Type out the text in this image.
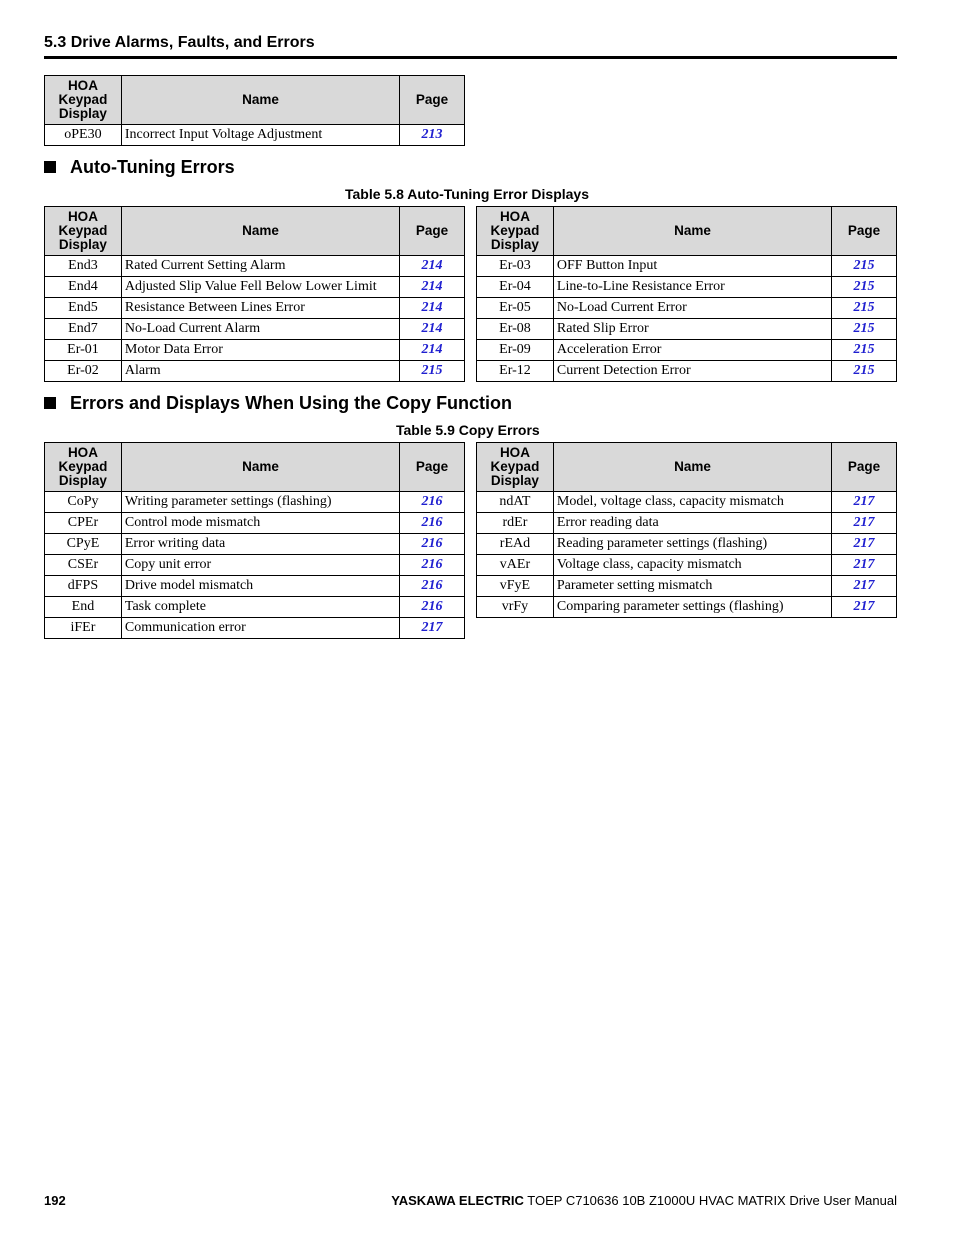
5.3 Drive Alarms, Faults, and Errors
HOA
Keypad
Display	Name	Page
oPE30	Incorrect Input Voltage Adjustment	213
Auto-Tuning Errors
Table 5.8 Auto-Tuning Error Displays
HOA
Keypad
Display	Name	Page
End3	Rated Current Setting Alarm	214
End4	Adjusted Slip Value Fell Below Lower Limit	214
End5	Resistance Between Lines Error	214
End7	No-Load Current Alarm	214
Er-01	Motor Data Error	214
Er-02	Alarm	215
HOA
Keypad
Display	Name	Page
Er-03	OFF Button Input	215
Er-04	Line-to-Line Resistance Error	215
Er-05	No-Load Current Error	215
Er-08	Rated Slip Error	215
Er-09	Acceleration Error	215
Er-12	Current Detection Error	215
Errors and Displays When Using the Copy Function
Table 5.9 Copy Errors
HOA
Keypad
Display	Name	Page
CoPy	Writing parameter settings (flashing)	216
CPEr	Control mode mismatch	216
CPyE	Error writing data	216
CSEr	Copy unit error	216
dFPS	Drive model mismatch	216
End	Task complete	216
iFEr	Communication error	217
HOA
Keypad
Display	Name	Page
ndAT	Model, voltage class, capacity mismatch	217
rdEr	Error reading data	217
rEAd	Reading parameter settings (flashing)	217
vAEr	Voltage class, capacity mismatch	217
vFyE	Parameter setting mismatch	217
vrFy	Comparing parameter settings (flashing)	217
192	YASKAWA ELECTRIC TOEP C710636 10B Z1000U HVAC MATRIX Drive User Manual
